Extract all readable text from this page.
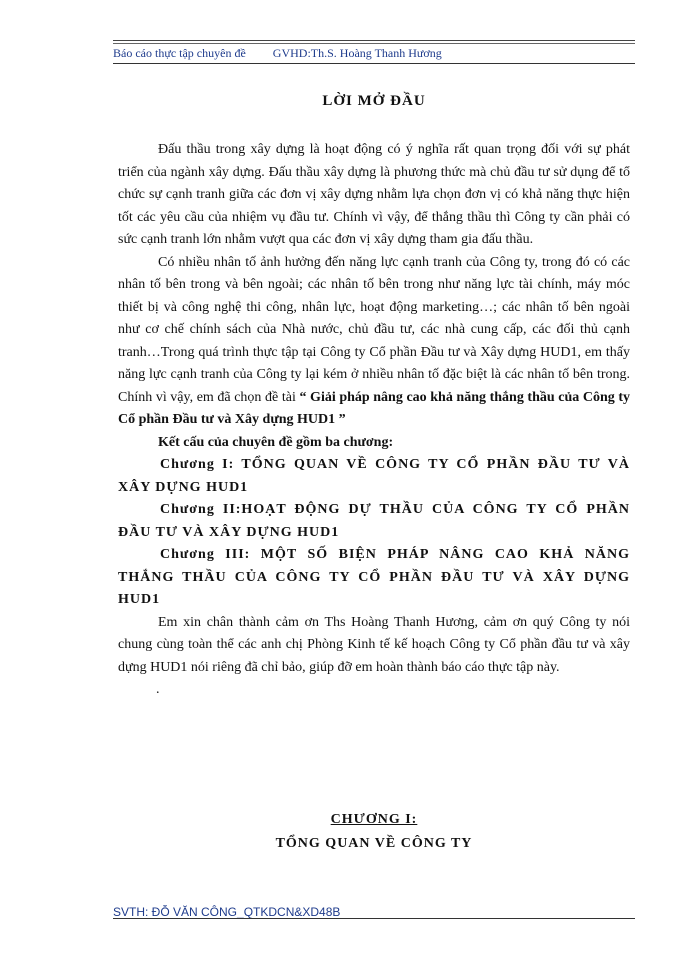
Báo cáo thực tập chuyên đề GVHD:Th.S. Hoàng Thanh Hương
LỜI MỞ ĐẦU

Đấu thầu trong xây dựng là hoạt động có ý nghĩa rất quan trọng đối với sự phát triển của ngành xây dựng. Đấu thầu xây dựng là phương thức mà chủ đầu tư sử dụng để tổ chức sự cạnh tranh giữa các đơn vị xây dựng nhằm lựa chọn đơn vị có khả năng thực hiện tốt các yêu cầu của nhiệm vụ đầu tư. Chính vì vậy, để thắng thầu thì Công ty cần phải có sức cạnh tranh lớn nhằm vượt qua các đơn vị xây dựng tham gia đấu thầu.

Có nhiều nhân tố ảnh hưởng đến năng lực cạnh tranh của Công ty, trong đó có các nhân tố bên trong và bên ngoài; các nhân tố bên trong như năng lực tài chính, máy móc thiết bị và công nghệ thi công, nhân lực, hoạt động marketing…; các nhân tố bên ngoài như cơ chế chính sách của Nhà nước, chủ đầu tư, các nhà cung cấp, các đối thủ cạnh tranh…Trong quá trình thực tập tại Công ty Cổ phần Đầu tư và Xây dựng HUD1, em thấy năng lực cạnh tranh của Công ty lại kém ở nhiều nhân tố đặc biệt là các nhân tố bên trong. Chính vì vậy, em đã chọn đề tài “ Giải pháp nâng cao khả năng thắng thầu của Công ty Cổ phần Đầu tư và Xây dựng HUD1 ”

Kết cấu của chuyên đề gồm ba chương:

Chương I: TỔNG QUAN VỀ CÔNG TY CỔ PHẦN ĐẦU TƯ VÀ XÂY DỰNG HUD1

Chương II:HOẠT ĐỘNG DỰ THẦU CỦA CÔNG TY CỔ PHẦN ĐẦU TƯ VÀ XÂY DỰNG HUD1

Chương III: MỘT SỐ BIỆN PHÁP NÂNG CAO KHẢ NĂNG THẮNG THẦU CỦA CÔNG TY CỔ PHẦN ĐẦU TƯ VÀ XÂY DỰNG HUD1

Em xin chân thành cảm ơn Ths Hoàng Thanh Hương, cảm ơn quý Công ty nói chung cùng toàn thể các anh chị Phòng Kinh tế kế hoạch Công ty Cổ phần đầu tư và xây dựng HUD1 nói riêng đã chỉ bảo, giúp đỡ em hoàn thành báo cáo thực tập này.

.

CHƯƠNG I:
TỔNG QUAN VỀ CÔNG TY
SVTH: ĐỖ VĂN CÔNG_QTKDCN&XD48B
